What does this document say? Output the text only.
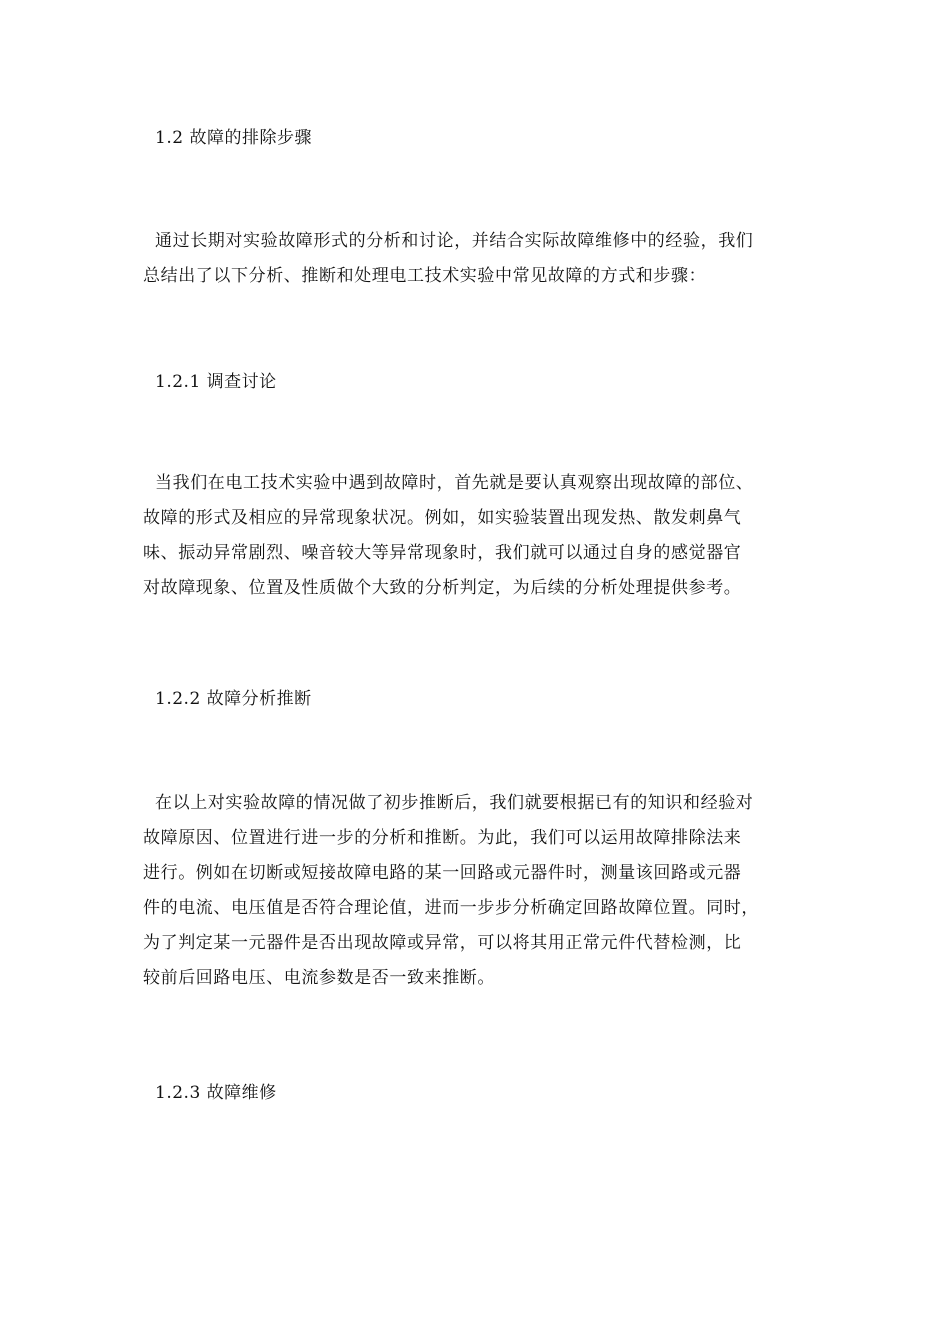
1.2 故障的排除步骤
通过长期对实验故障形式的分析和讨论，并结合实际故障维修中的经验，我们
总结出了以下分析、推断和处理电工技术实验中常见故障的方式和步骤：
1.2.1 调查讨论
当我们在电工技术实验中遇到故障时，首先就是要认真观察出现故障的部位、
故障的形式及相应的异常现象状况。例如，如实验装置出现发热、散发刺鼻气
味、振动异常剧烈、噪音较大等异常现象时，我们就可以通过自身的感觉器官
对故障现象、位置及性质做个大致的分析判定，为后续的分析处理提供参考。
1.2.2 故障分析推断
在以上对实验故障的情况做了初步推断后，我们就要根据已有的知识和经验对
故障原因、位置进行进一步的分析和推断。为此，我们可以运用故障排除法来
进行。例如在切断或短接故障电路的某一回路或元器件时，测量该回路或元器
件的电流、电压值是否符合理论值，进而一步步分析确定回路故障位置。同时，
为了判定某一元器件是否出现故障或异常，可以将其用正常元件代替检测，比
较前后回路电压、电流参数是否一致来推断。
1.2.3 故障维修
